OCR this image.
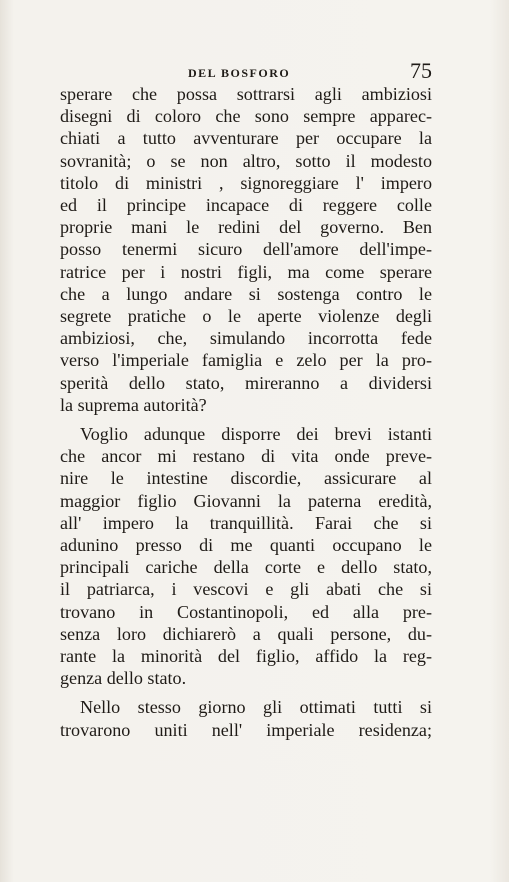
DEL BOSFORO	75
sperare che possa sottrarsi agli ambiziosi
disegni di coloro che sono sempre apparec-
chiati a tutto avventurare per occupare la
sovranità; o se non altro, sotto il modesto
titolo di ministri , signoreggiare l' impero
ed il principe incapace di reggere colle
proprie mani le redini del governo. Ben
posso tenermi sicuro dell'amore dell'impe-
ratrice per i nostri figli, ma come sperare
che a lungo andare si sostenga contro le
segrete pratiche o le aperte violenze degli
ambiziosi, che, simulando incorrotta fede
verso l'imperiale famiglia e zelo per la pro-
sperità dello stato, mireranno a dividersi
la suprema autorità?
Voglio adunque disporre dei brevi istanti
che ancor mi restano di vita onde preve-
nire le intestine discordie, assicurare al
maggior figlio Giovanni la paterna eredità,
all' impero la tranquillità. Farai che si
adunino presso di me quanti occupano le
principali cariche della corte e dello stato,
il patriarca, i vescovi e gli abati che si
trovano in Costantinopoli, ed alla pre-
senza loro dichiarerò a quali persone, du-
rante la minorità del figlio, affido la reg-
genza dello stato.
Nello stesso giorno gli ottimati tutti si
trovarono uniti nell' imperiale residenza;
